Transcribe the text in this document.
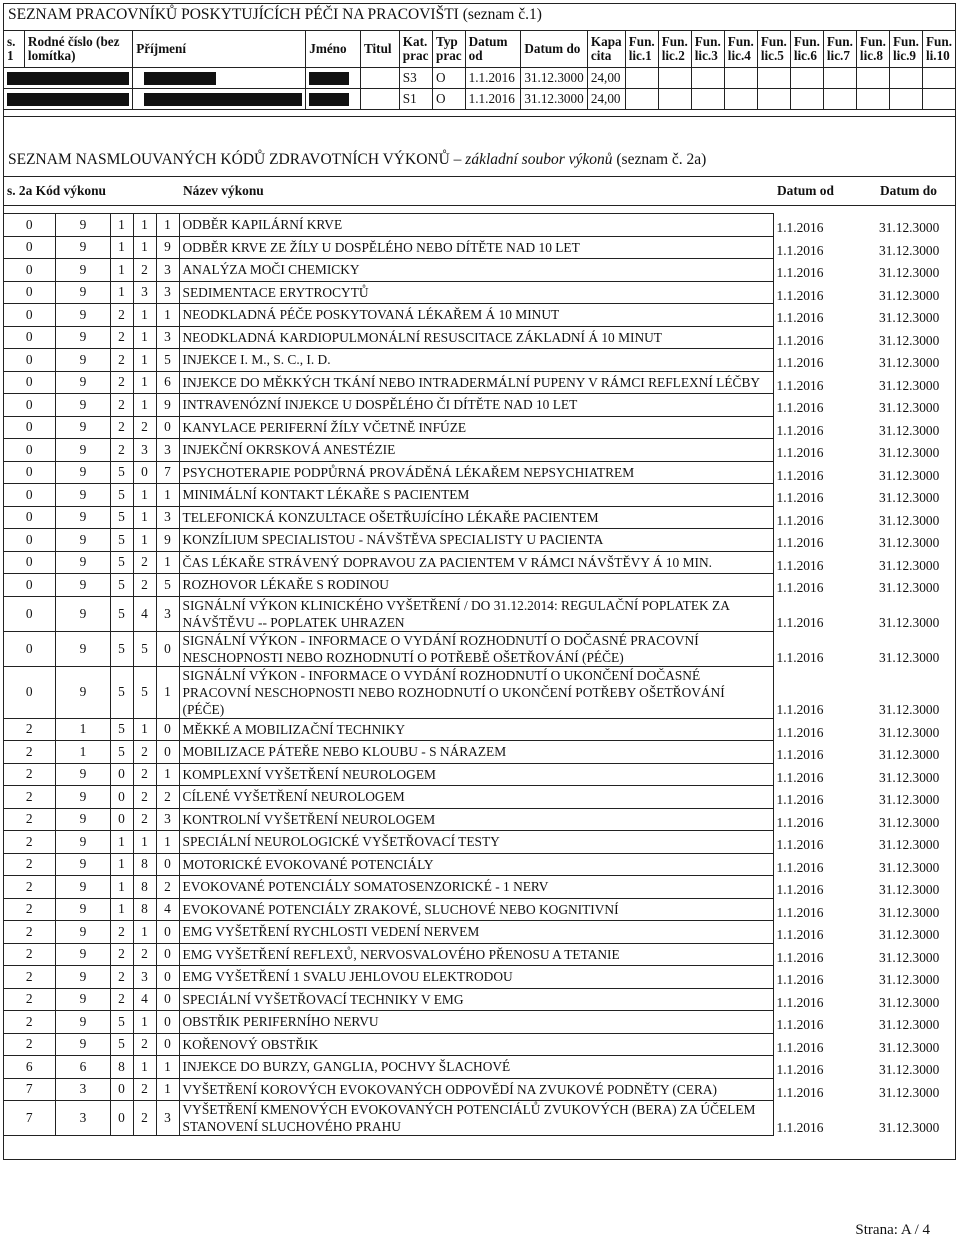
SEZNAM PRACOVNÍKŮ POSKYTUJÍCÍCH PÉČI NA PRACOVIŠTI (seznam č.1)
s. 1	Rodné číslo (bez lomítka)	Příjmení	Jméno	Titul	Kat. prac	Typ prac	Datum od	Datum do	Kapa cita	Fun. lic.1	Fun. lic.2	Fun. lic.3	Fun. lic.4	Fun. lic.5	Fun. lic.6	Fun. lic.7	Fun. lic.8	Fun. lic.9	Fun. li.10
					S3	O	1.1.2016	31.12.3000	24,00										
					S1	O	1.1.2016	31.12.3000	24,00										
SEZNAM NASMLOUVANÝCH KÓDŮ ZDRAVOTNÍCH VÝKONŮ – základní soubor výkonů (seznam č. 2a)
s. 2a Kód výkonu					Název výkonu	Datum od	Datum do

0	9	1	1	1	ODBĚR KAPILÁRNÍ KRVE	1.1.2016	31.12.3000
0	9	1	1	9	ODBĚR KRVE ZE ŽÍLY U DOSPĚLÉHO NEBO DÍTĚTE NAD 10 LET	1.1.2016	31.12.3000
0	9	1	2	3	ANALÝZA MOČI CHEMICKY	1.1.2016	31.12.3000
0	9	1	3	3	SEDIMENTACE ERYTROCYTŮ	1.1.2016	31.12.3000
0	9	2	1	1	NEODKLADNÁ PÉČE POSKYTOVANÁ LÉKAŘEM Á 10 MINUT	1.1.2016	31.12.3000
0	9	2	1	3	NEODKLADNÁ KARDIOPULMONÁLNÍ RESUSCITACE ZÁKLADNÍ Á 10 MINUT	1.1.2016	31.12.3000
0	9	2	1	5	INJEKCE I. M., S. C., I. D.	1.1.2016	31.12.3000
0	9	2	1	6	INJEKCE DO MĚKKÝCH TKÁNÍ NEBO INTRADERMÁLNÍ PUPENY V RÁMCI REFLEXNÍ LÉČBY	1.1.2016	31.12.3000
0	9	2	1	9	INTRAVENÓZNÍ INJEKCE U DOSPĚLÉHO ČI DÍTĚTE NAD 10 LET	1.1.2016	31.12.3000
0	9	2	2	0	KANYLACE PERIFERNÍ ŽÍLY VČETNĚ INFÚZE	1.1.2016	31.12.3000
0	9	2	3	3	INJEKČNÍ OKRSKOVÁ ANESTÉZIE	1.1.2016	31.12.3000
0	9	5	0	7	PSYCHOTERAPIE PODPŮRNÁ PROVÁDĚNÁ LÉKAŘEM NEPSYCHIATREM	1.1.2016	31.12.3000
0	9	5	1	1	MINIMÁLNÍ KONTAKT LÉKAŘE S PACIENTEM	1.1.2016	31.12.3000
0	9	5	1	3	TELEFONICKÁ KONZULTACE OŠETŘUJÍCÍHO LÉKAŘE PACIENTEM	1.1.2016	31.12.3000
0	9	5	1	9	KONZÍLIUM SPECIALISTOU - NÁVŠTĚVA SPECIALISTY U PACIENTA	1.1.2016	31.12.3000
0	9	5	2	1	ČAS LÉKAŘE STRÁVENÝ DOPRAVOU ZA PACIENTEM V RÁMCI NÁVŠTĚVY Á 10 MIN.	1.1.2016	31.12.3000
0	9	5	2	5	ROZHOVOR LÉKAŘE S RODINOU	1.1.2016	31.12.3000
0	9	5	4	3	SIGNÁLNÍ VÝKON KLINICKÉHO VYŠETŘENÍ / DO 31.12.2014: REGULAČNÍ POPLATEK ZA NÁVŠTĚVU -- POPLATEK UHRAZEN	1.1.2016	31.12.3000
0	9	5	5	0	SIGNÁLNÍ VÝKON - INFORMACE O VYDÁNÍ ROZHODNUTÍ O DOČASNÉ PRACOVNÍ NESCHOPNOSTI NEBO ROZHODNUTÍ O POTŘEBĚ OŠETŘOVÁNÍ (PÉČE)	1.1.2016	31.12.3000
0	9	5	5	1	SIGNÁLNÍ VÝKON - INFORMACE O VYDÁNÍ ROZHODNUTÍ O UKONČENÍ DOČASNÉ PRACOVNÍ NESCHOPNOSTI NEBO ROZHODNUTÍ O UKONČENÍ POTŘEBY OŠETŘOVÁNÍ (PÉČE)	1.1.2016	31.12.3000
2	1	5	1	0	MĚKKÉ A MOBILIZAČNÍ TECHNIKY	1.1.2016	31.12.3000
2	1	5	2	0	MOBILIZACE PÁTEŘE NEBO KLOUBU - S NÁRAZEM	1.1.2016	31.12.3000
2	9	0	2	1	KOMPLEXNÍ VYŠETŘENÍ NEUROLOGEM	1.1.2016	31.12.3000
2	9	0	2	2	CÍLENÉ VYŠETŘENÍ NEUROLOGEM	1.1.2016	31.12.3000
2	9	0	2	3	KONTROLNÍ VYŠETŘENÍ NEUROLOGEM	1.1.2016	31.12.3000
2	9	1	1	1	SPECIÁLNÍ NEUROLOGICKÉ VYŠETŘOVACÍ TESTY	1.1.2016	31.12.3000
2	9	1	8	0	MOTORICKÉ EVOKOVANÉ POTENCIÁLY	1.1.2016	31.12.3000
2	9	1	8	2	EVOKOVANÉ POTENCIÁLY SOMATOSENZORICKÉ - 1 NERV	1.1.2016	31.12.3000
2	9	1	8	4	EVOKOVANÉ POTENCIÁLY ZRAKOVÉ, SLUCHOVÉ NEBO KOGNITIVNÍ	1.1.2016	31.12.3000
2	9	2	1	0	EMG VYŠETŘENÍ RYCHLOSTI VEDENÍ NERVEM	1.1.2016	31.12.3000
2	9	2	2	0	EMG VYŠETŘENÍ REFLEXŮ, NERVOSVALOVÉHO PŘENOSU A TETANIE	1.1.2016	31.12.3000
2	9	2	3	0	EMG VYŠETŘENÍ 1 SVALU JEHLOVOU ELEKTRODOU	1.1.2016	31.12.3000
2	9	2	4	0	SPECIÁLNÍ VYŠETŘOVACÍ TECHNIKY V EMG	1.1.2016	31.12.3000
2	9	5	1	0	OBSTŘIK PERIFERNÍHO NERVU	1.1.2016	31.12.3000
2	9	5	2	0	KOŘENOVÝ OBSTŘIK	1.1.2016	31.12.3000
6	6	8	1	1	INJEKCE DO BURZY, GANGLIA, POCHVY ŠLACHOVÉ	1.1.2016	31.12.3000
7	3	0	2	1	VYŠETŘENÍ KOROVÝCH EVOKOVANÝCH ODPOVĚDÍ NA ZVUKOVÉ PODNĚTY (CERA)	1.1.2016	31.12.3000
7	3	0	2	3	VYŠETŘENÍ KMENOVÝCH EVOKOVANÝCH POTENCIÁLŮ ZVUKOVÝCH (BERA) ZA ÚČELEM STANOVENÍ SLUCHOVÉHO PRAHU	1.1.2016	31.12.3000
Strana: A / 4
